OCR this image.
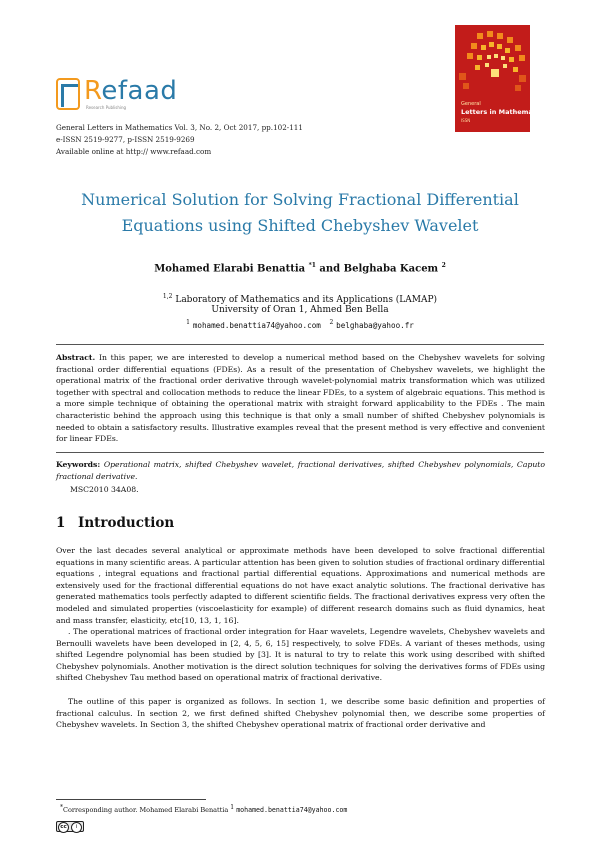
Refaad
Research Publishing
General
Letters in Mathematics
ISSN
General Letters in Mathematics Vol. 3, No. 2, Oct 2017, pp.102-111
e-ISSN 2519-9277, p-ISSN 2519-9269
Available online at http:// www.refaad.com
Numerical Solution for Solving Fractional Differential
Equations using Shifted Chebyshev Wavelet
Mohamed Elarabi Benattia $^{*1}$ and Belghaba Kacem $^2$
$^{1,2}$ Laboratory of Mathematics and its Applications (LAMAP)
University of Oran 1, Ahmed Ben Bella
$^1$ mohamed.benattia74@yahoo.com $^2$ belghaba@yahoo.fr
Abstract. In this paper, we are interested to develop a numerical method based on the Chebyshev wavelets for solving fractional order differential equations (FDEs). As a result of the presentation of Chebyshev wavelets, we highlight the operational matrix of the fractional order derivative through wavelet-polynomial matrix transformation which was utilized together with spectral and collocation methods to reduce the linear FDEs, to a system of algebraic equations. This method is a more simple technique of obtaining the operational matrix with straight forward applicability to the FDEs . The main characteristic behind the approach using this technique is that only a small number of shifted Chebyshev polynomials is needed to obtain a satisfactory results. Illustrative examples reveal that the present method is very effective and convenient for linear FDEs.
Keywords: Operational matrix, shifted Chebyshev wavelet, fractional derivatives, shifted Chebyshev polynomials, Caputo fractional derivative.
MSC2010 34A08.
1 Introduction
Over the last decades several analytical or approximate methods have been developed to solve fractional differential equations in many scientific areas. A particular attention has been given to solution studies of fractional ordinary differential equations , integral equations and fractional partial differential equations. Approximations and numerical methods are extensively used for the fractional differential equations do not have exact analytic solutions. The fractional derivative has generated mathematics tools perfectly adapted to different scientific fields. The fractional derivatives express very often the modeled and simulated properties (viscoelasticity for example) of different research domains such as fluid dynamics, heat and mass transfer, elasticity, etc[10, 13, 1, 16].
. The operational matrices of fractional order integration for Haar wavelets, Legendre wavelets, Chebyshev wavelets and Bernoulli wavelets have been developed in [2, 4, 5, 6, 15] respectively, to solve FDEs. A variant of theses methods, using shifted Legendre polynomial has been studied by [3]. It is natural to try to relate this work using described with shifted Chebyshev polynomials. Another motivation is the direct solution techniques for solving the derivatives forms of FDEs using shifted Chebyshev Tau method based on operational matrix of fractional derivative.
The outline of this paper is organized as follows. In section 1, we describe some basic definition and properties of fractional calculus. In section 2, we first defined shifted Chebyshev polynomial then, we describe some properties of Chebyshev wavelets. In Section 3, the shifted Chebyshev operational matrix of fractional order derivative and
*Corresponding author. Mohamed Elarabi Benattia $^1$ mohamed.benattia74@yahoo.com
cc	i
